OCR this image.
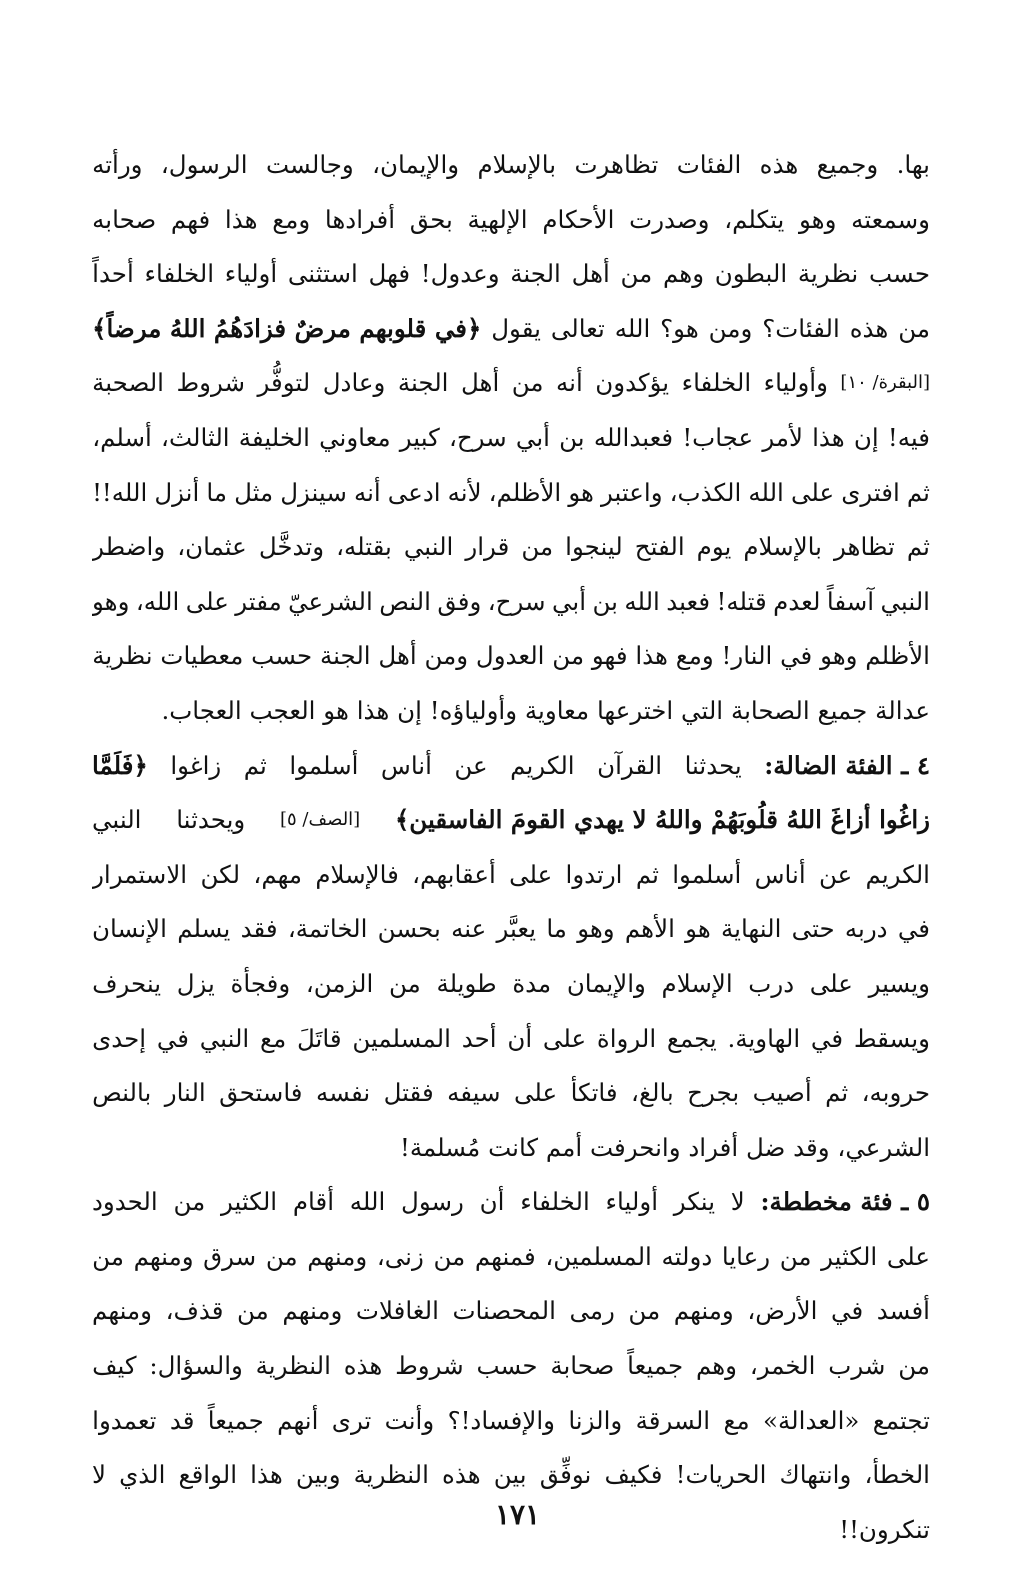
بها.
وجميع
هذه
الفئات
تظاهرت
بالإسلام
والإيمان،
وجالست
الرسول،
ورأته
وسمعته
وهو
يتكلم،
وصدرت
الأحكام
الإلهية
بحق
أفرادها
ومع
هذا
فهم
صحابه
حسب
نظرية
البطون
وهم
من
أهل
الجنة
وعدول!
فهل
استثنى
أولياء
الخلفاء
أحداً
من
هذه
الفئات؟
ومن
هو؟
الله
تعالى
يقول
﴿في قلوبهم مرضٌ فزادَهُمُ اللهُ مرضاً﴾
[البقرة/ ١٠]
وأولياء
الخلفاء
يؤكدون
أنه
من
أهل
الجنة
وعادل
لتوفُّر
شروط
الصحبة
فيه!
إن
هذا
لأمر
عجاب!
فعبدالله
بن
أبي
سرح،
كبير
معاوني
الخليفة
الثالث،
أسلم،
ثم
افترى
على
الله
الكذب،
واعتبر
هو
الأظلم،
لأنه
ادعى
أنه
سينزل
مثل
ما
أنزل
الله!!
ثم
تظاهر
بالإسلام
يوم
الفتح
لينجوا
من
قرار
النبي
بقتله،
وتدخَّل
عثمان،
واضطر
النبي
آسفاً
لعدم
قتله!
فعبد
الله
بن
أبي
سرح،
وفق
النص
الشرعيّ
مفتر
على
الله،
وهو
الأظلم
وهو
في
النار!
ومع
هذا
فهو
من
العدول
ومن
أهل
الجنة
حسب
معطيات
نظرية
عدالة
جميع
الصحابة
التي
اخترعها
معاوية
وأولياؤه!
إن
هذا
هو
العجب
العجاب.
٤ ـ الفئة الضالة:
يحدثنا
القرآن
الكريم
عن
أناس
أسلموا
ثم
زاغوا
﴿فَلَمَّا
زاغُوا أزاغَ اللهُ قلُوبَهُمْ واللهُ لا يهدي القومَ الفاسقين﴾
[الصف/ ٥]
ويحدثنا
النبي
الكريم
عن
أناس
أسلموا
ثم
ارتدوا
على
أعقابهم،
فالإسلام
مهم،
لكن
الاستمرار
في
دربه
حتى
النهاية
هو
الأهم
وهو
ما
يعبَّر
عنه
بحسن
الخاتمة،
فقد
يسلم
الإنسان
ويسير
على
درب
الإسلام
والإيمان
مدة
طويلة
من
الزمن،
وفجأة
يزل
ينحرف
ويسقط
في
الهاوية.
يجمع
الرواة
على
أن
أحد
المسلمين
قاتَلَ
مع
النبي
في
إحدى
حروبه،
ثم
أصيب
بجرح
بالغ،
فاتكأ
على
سيفه
فقتل
نفسه
فاستحق
النار
بالنص
الشرعي،
وقد
ضل
أفراد
وانحرفت
أمم
كانت
مُسلمة!
٥ ـ فئة مخططة:
لا
ينكر
أولياء
الخلفاء
أن
رسول
الله
أقام
الكثير
من
الحدود
على
الكثير
من
رعايا
دولته
المسلمين،
فمنهم
من
زنى،
ومنهم
من
سرق
ومنهم
من
أفسد
في
الأرض،
ومنهم
من
رمى
المحصنات
الغافلات
ومنهم
من
قذف،
ومنهم
من
شرب
الخمر،
وهم
جميعاً
صحابة
حسب
شروط
هذه
النظرية
والسؤال:
كيف
تجتمع
«العدالة»
مع
السرقة
والزنا
والإفساد!؟
وأنت
ترى
أنهم
جميعاً
قد
تعمدوا
الخطأ،
وانتهاك
الحريات!
فكيف
نوفِّق
بين
هذه
النظرية
وبين
هذا
الواقع
الذي
لا
تنكرون!!
١٧١
